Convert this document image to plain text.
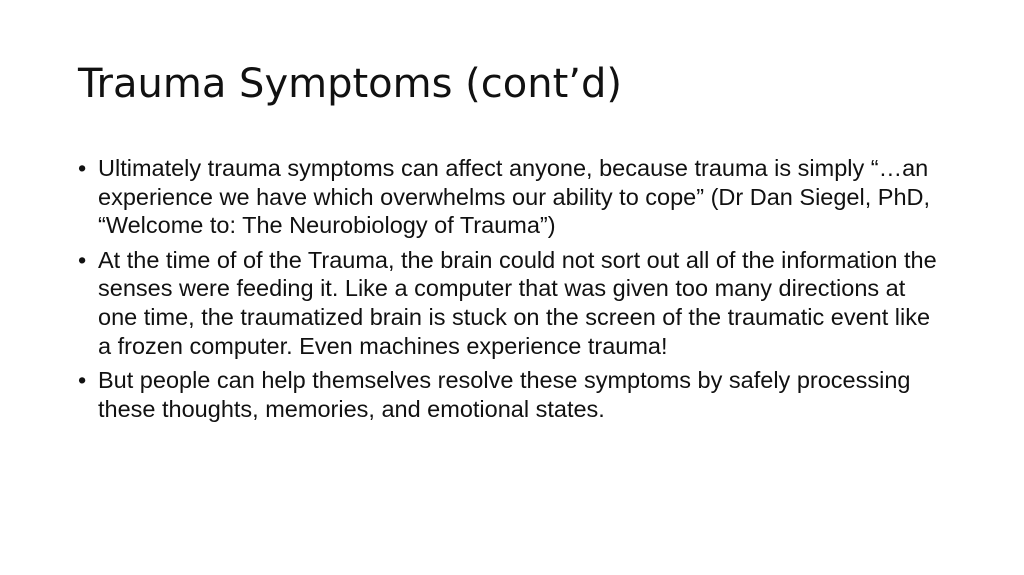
Trauma Symptoms (cont’d)
• Ultimately trauma symptoms can affect anyone, because trauma is simply “…an experience we have which overwhelms our ability to cope” (Dr Dan Siegel, PhD, “Welcome to: The Neurobiology of Trauma”)
• At the time of of the Trauma, the brain could not sort out all of the information the senses were feeding it. Like a computer that was given too many directions at one time, the traumatized brain is stuck on the screen of the traumatic event like a frozen computer. Even machines experience trauma!
• But people can help themselves resolve these symptoms by safely processing these thoughts, memories, and emotional states.
